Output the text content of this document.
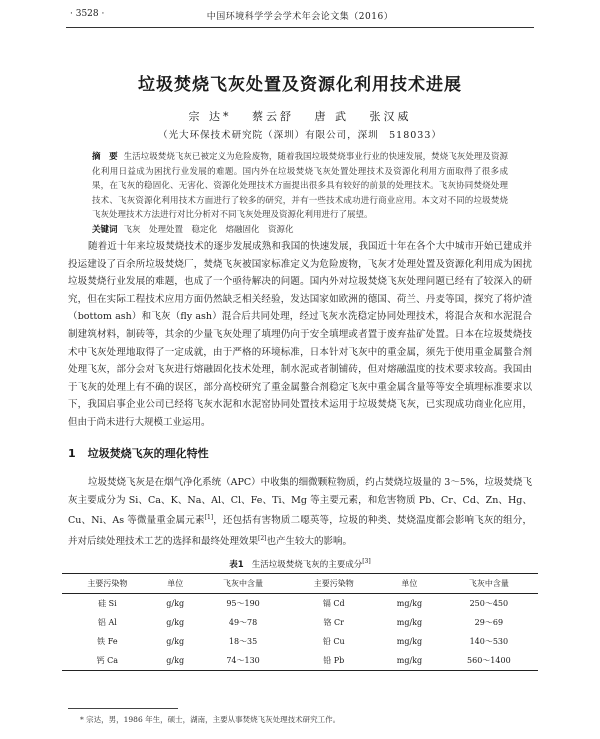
· 3528 ·	中国环境科学学会学术年会论文集（2016）
垃圾焚烧飞灰处置及资源化利用技术进展
宗 达*　 蔡云舒　 唐 武　 张汉威
（光大环保技术研究院（深圳）有限公司，深圳　518033）
摘　要 生活垃圾焚烧飞灰已被定义为危险废物，随着我国垃圾焚烧事业行业的快速发展，焚烧飞灰处理及资源化利用日益成为困扰行业发展的难题。国内外在垃圾焚烧飞灰处置处理技术及资源化利用方面取得了很多成果，在飞灰的稳固化、无害化、资源化处理技术方面提出很多具有较好的前景的处理技术。飞灰协同焚烧处理技术、飞灰资源化利用技术方面进行了较多的研究，并有一些技术成功进行商业应用。本文对不同的垃圾焚烧飞灰处理技术方法进行对比分析对不同飞灰处理及资源化利用进行了展望。
关键词 飞灰　处理处置　稳定化　熔融固化　资源化
随着近十年来垃圾焚烧技术的逐步发展成熟和我国的快速发展，我国近十年在各个大中城市开始已建成并投运建设了百余所垃圾焚烧厂，焚烧飞灰被国家标准定义为危险废物，飞灰才处理处置及资源化利用成为困扰垃圾焚烧行业发展的难题，也成了一个亟待解决的问题。国内外对垃圾焚烧飞灰处理问题已经有了较深入的研究，但在实际工程技术应用方面仍然缺乏相关经验，发达国家如欧洲的德国、荷兰、丹麦等国，探究了将炉渣（bottom ash）和飞灰（fly ash）混合后共同处理，经过飞灰水洗稳定协同处理技术，将混合灰和水泥混合制建筑材料，制砖等，其余的少量飞灰处理了填埋仍向于安全填埋或者置于废弃盐矿处置。日本在垃圾焚烧技术中飞灰处理地取得了一定成就，由于严格的环境标准，日本针对飞灰中的重金属，须先于使用重金属螯合剂处理飞灰，部分会对飞灰进行熔融固化技术处理，制水泥或者制铺砖，但对熔融温度的技术要求较高。我国由于飞灰的处理上有不确的误区，部分高校研究了重金属螯合剂稳定飞灰中重金属含量等等安全填埋标准要求以下，我国启事企业公司已经将飞灰水泥和水泥窑协同处置技术运用于垃圾焚烧飞灰，已实现成功商业化应用，但由于尚未进行大规模工业运用。
1 垃圾焚烧飞灰的理化特性
垃圾焚烧飞灰是在烟气净化系统（APC）中收集的细微颗粒物质，约占焚烧垃圾量的 3～5%，垃圾焚烧飞灰主要成分为 Si、Ca、K、Na、Al、Cl、Fe、Ti、Mg 等主要元素，和危害物质 Pb、Cr、Cd、Zn、Hg、Cu、Ni、As 等微量重金属元素[1]，还包括有害物质二噁英等，垃圾的种类、焚烧温度都会影响飞灰的组分，并对后续处理技术工艺的选择和最终处理效果[2]也产生较大的影响。
表1 生活垃圾焚烧飞灰的主要成分[3]
主要污染物	单位	飞灰中含量	主要污染物	单位	飞灰中含量
硅 Si	g/kg	95～190	镉 Cd	mg/kg	250～450
铝 Al	g/kg	49～78	铬 Cr	mg/kg	29～69
铁 Fe	g/kg	18～35	铅 Cu	mg/kg	140～530
钙 Ca	g/kg	74～130	铅 Pb	mg/kg	560～1400
* 宗达，男，1986 年生，硕士，湖南，主要从事焚烧飞灰处理技术研究工作。
